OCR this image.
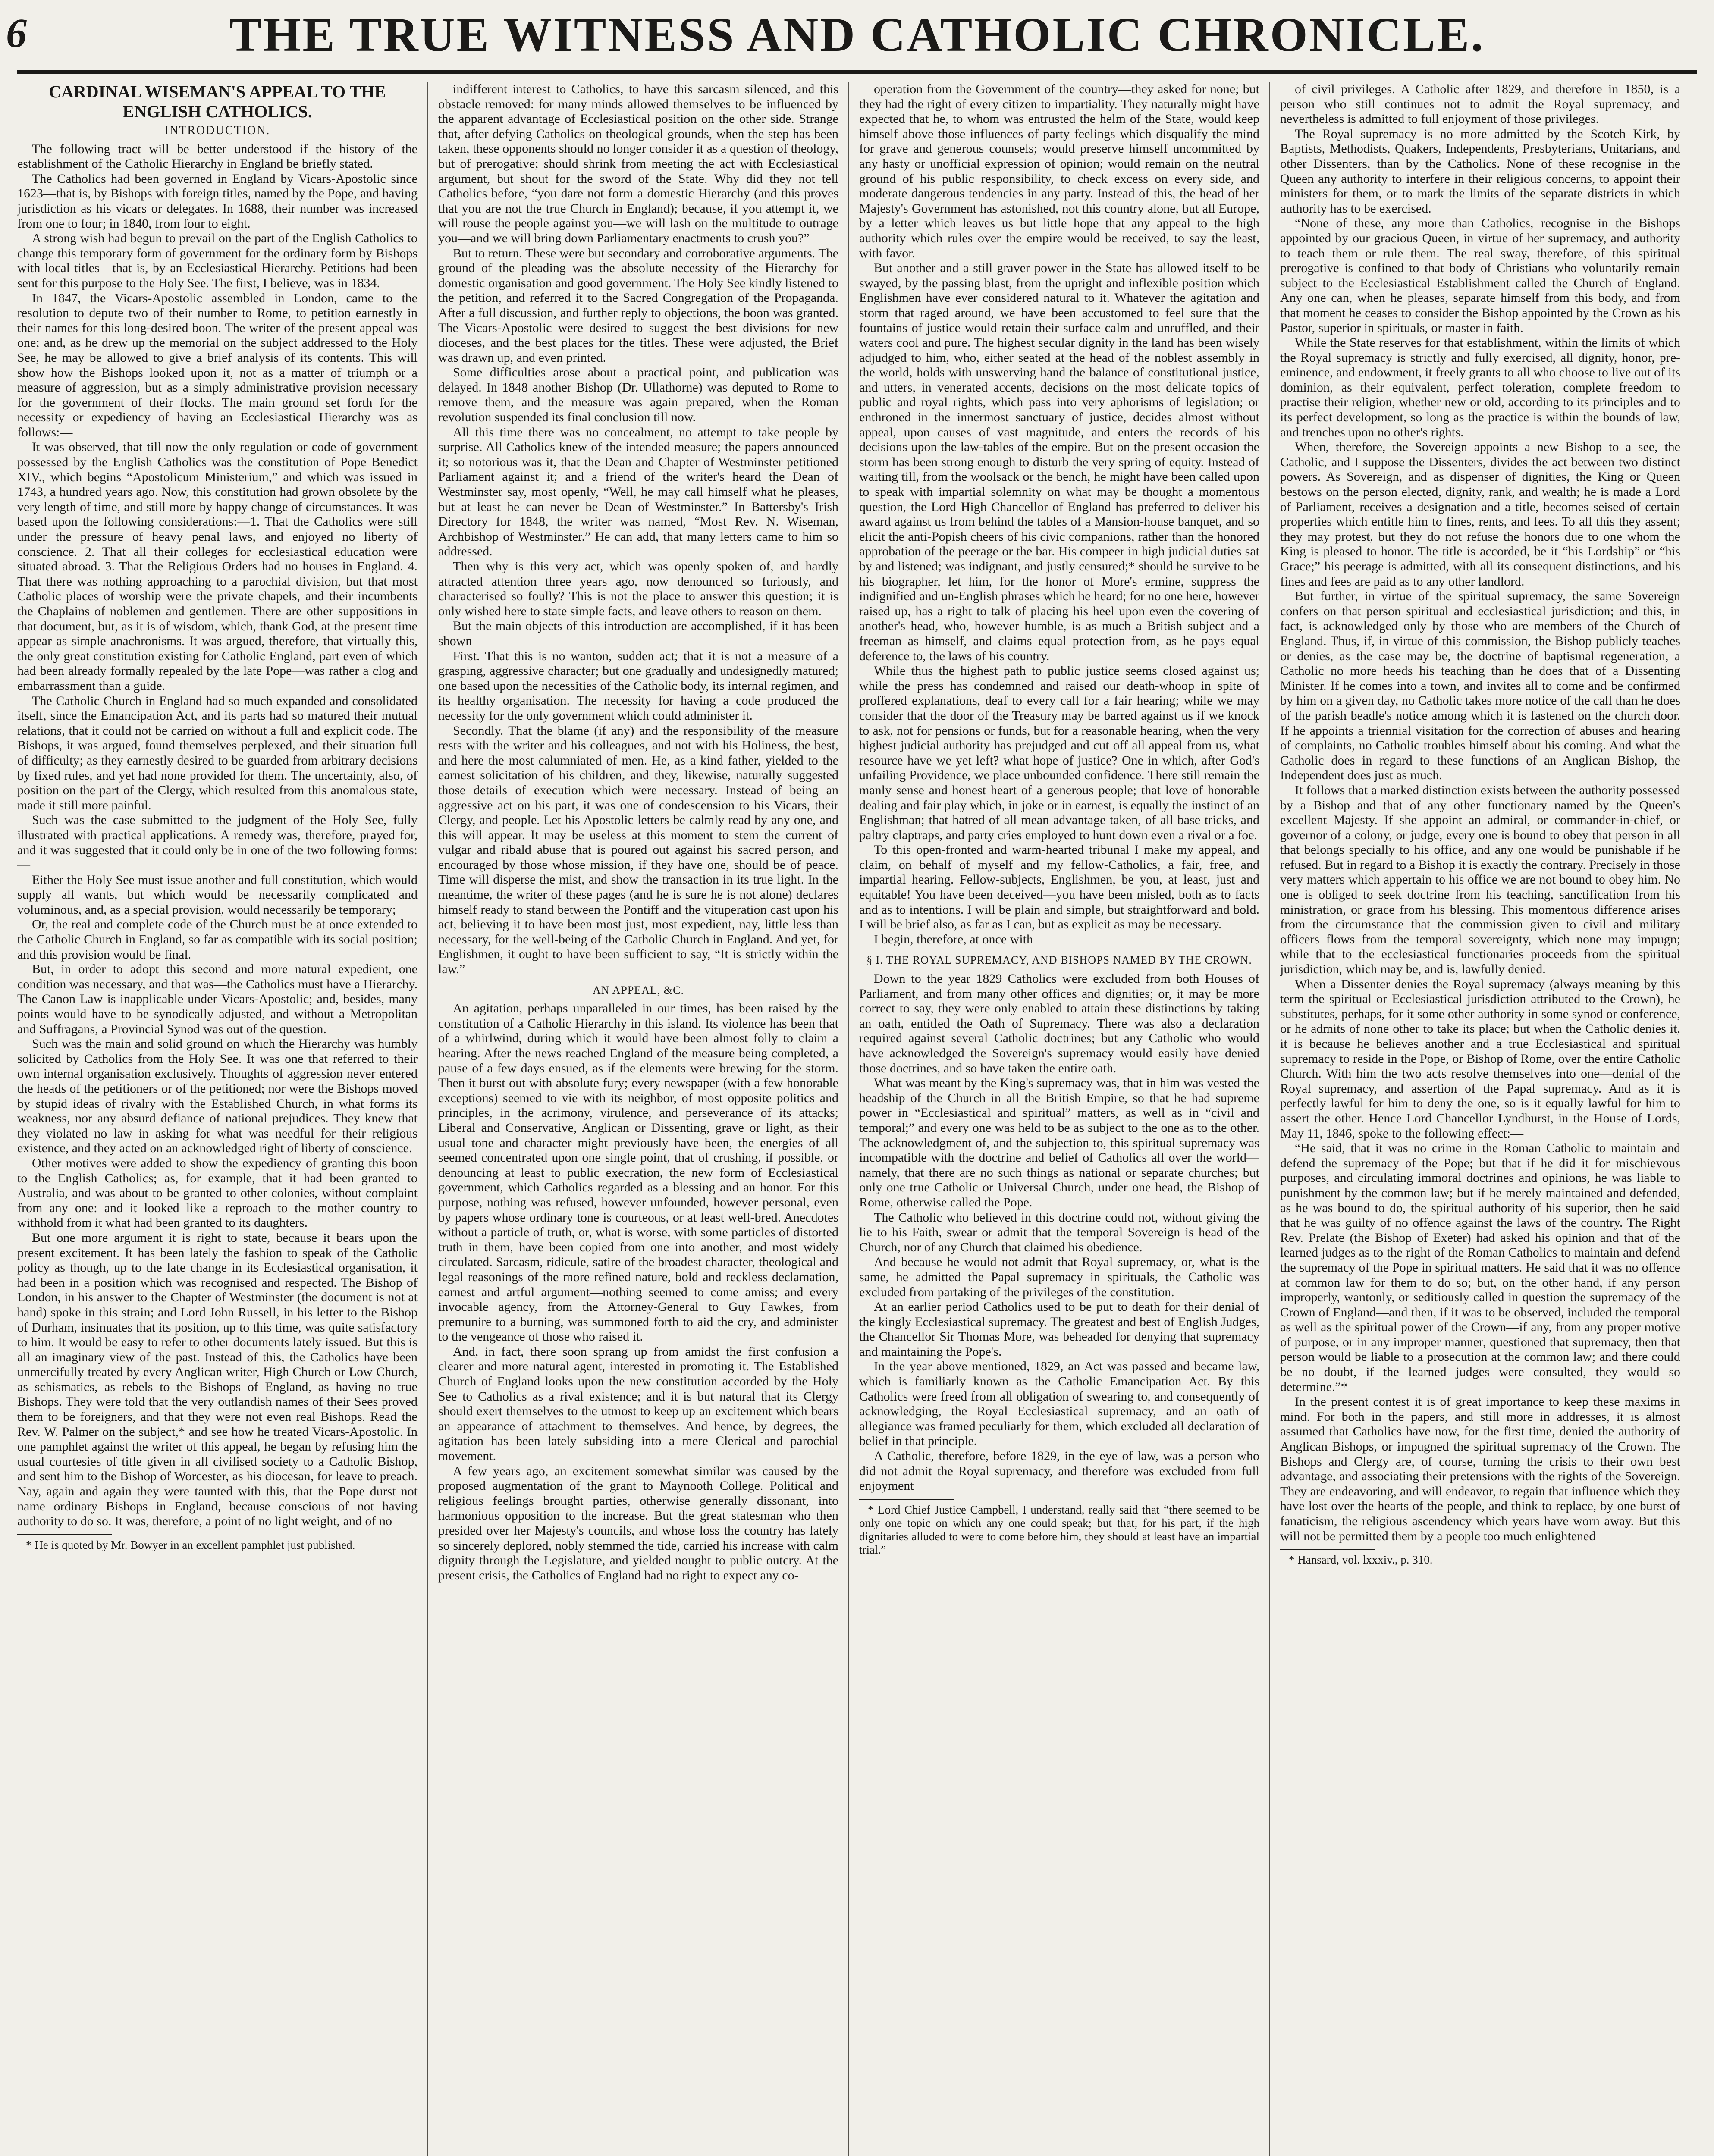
6	THE TRUE WITNESS AND CATHOLIC CHRONICLE.

CARDINAL WISEMAN'S APPEAL TO THE ENGLISH CATHOLICS.

INTRODUCTION.

The following tract will be better understood if the history of the establishment of the Catholic Hierarchy in England be briefly stated.

The Catholics had been governed in England by Vicars-Apostolic since 1623—that is, by Bishops with foreign titles, named by the Pope, and having jurisdiction as his vicars or delegates. In 1688, their number was increased from one to four; in 1840, from four to eight.

A strong wish had begun to prevail on the part of the English Catholics to change this temporary form of government for the ordinary form by Bishops with local titles—that is, by an Ecclesiastical Hierarchy. Petitions had been sent for this purpose to the Holy See. The first, I believe, was in 1834.

In 1847, the Vicars-Apostolic assembled in London, came to the resolution to depute two of their number to Rome, to petition earnestly in their names for this long-desired boon. The writer of the present appeal was one; and, as he drew up the memorial on the subject addressed to the Holy See, he may be allowed to give a brief analysis of its contents. This will show how the Bishops looked upon it, not as a matter of triumph or a measure of aggression, but as a simply administrative provision necessary for the government of their flocks. The main ground set forth for the necessity or expediency of having an Ecclesiastical Hierarchy was as follows:—

It was observed, that till now the only regulation or code of government possessed by the English Catholics was the constitution of Pope Benedict XIV., which begins “Apostolicum Ministerium,” and which was issued in 1743, a hundred years ago. Now, this constitution had grown obsolete by the very length of time, and still more by happy change of circumstances. It was based upon the following considerations:—1. That the Catholics were still under the pressure of heavy penal laws, and enjoyed no liberty of conscience. 2. That all their colleges for ecclesiastical education were situated abroad. 3. That the Religious Orders had no houses in England. 4. That there was nothing approaching to a parochial division, but that most Catholic places of worship were the private chapels, and their incumbents the Chaplains of noblemen and gentlemen. There are other suppositions in that document, but, as it is of wisdom, which, thank God, at the present time appear as simple anachronisms. It was argued, therefore, that virtually this, the only great constitution existing for Catholic England, part even of which had been already formally repealed by the late Pope—was rather a clog and embarrassment than a guide.

The Catholic Church in England had so much expanded and consolidated itself, since the Emancipation Act, and its parts had so matured their mutual relations, that it could not be carried on without a full and explicit code. The Bishops, it was argued, found themselves perplexed, and their situation full of difficulty; as they earnestly desired to be guarded from arbitrary decisions by fixed rules, and yet had none provided for them. The uncertainty, also, of position on the part of the Clergy, which resulted from this anomalous state, made it still more painful.

Such was the case submitted to the judgment of the Holy See, fully illustrated with practical applications. A remedy was, therefore, prayed for, and it was suggested that it could only be in one of the two following forms:—

Either the Holy See must issue another and full constitution, which would supply all wants, but which would be necessarily complicated and voluminous, and, as a special provision, would necessarily be temporary;

Or, the real and complete code of the Church must be at once extended to the Catholic Church in England, so far as compatible with its social position; and this provision would be final.

But, in order to adopt this second and more natural expedient, one condition was necessary, and that was—the Catholics must have a Hierarchy. The Canon Law is inapplicable under Vicars-Apostolic; and, besides, many points would have to be synodically adjusted, and without a Metropolitan and Suffragans, a Provincial Synod was out of the question.

Such was the main and solid ground on which the Hierarchy was humbly solicited by Catholics from the Holy See. It was one that referred to their own internal organisation exclusively. Thoughts of aggression never entered the heads of the petitioners or of the petitioned; nor were the Bishops moved by stupid ideas of rivalry with the Established Church, in what forms its weakness, nor any absurd defiance of national prejudices. They knew that they violated no law in asking for what was needful for their religious existence, and they acted on an acknowledged right of liberty of conscience.

Other motives were added to show the expediency of granting this boon to the English Catholics; as, for example, that it had been granted to Australia, and was about to be granted to other colonies, without complaint from any one: and it looked like a reproach to the mother country to withhold from it what had been granted to its daughters.

But one more argument it is right to state, because it bears upon the present excitement. It has been lately the fashion to speak of the Catholic policy as though, up to the late change in its Ecclesiastical organisation, it had been in a position which was recognised and respected. The Bishop of London, in his answer to the Chapter of Westminster (the document is not at hand) spoke in this strain; and Lord John Russell, in his letter to the Bishop of Durham, insinuates that its position, up to this time, was quite satisfactory to him. It would be easy to refer to other documents lately issued. But this is all an imaginary view of the past. Instead of this, the Catholics have been unmercifully treated by every Anglican writer, High Church or Low Church, as schismatics, as rebels to the Bishops of England, as having no true Bishops. They were told that the very outlandish names of their Sees proved them to be foreigners, and that they were not even real Bishops. Read the Rev. W. Palmer on the subject,* and see how he treated Vicars-Apostolic. In one pamphlet against the writer of this appeal, he began by refusing him the usual courtesies of title given in all civilised society to a Catholic Bishop, and sent him to the Bishop of Worcester, as his diocesan, for leave to preach. Nay, again and again they were taunted with this, that the Pope durst not name ordinary Bishops in England, because conscious of not having authority to do so. It was, therefore, a point of no light weight, and of no

* He is quoted by Mr. Bowyer in an excellent pamphlet just published.

indifferent interest to Catholics, to have this sarcasm silenced, and this obstacle removed: for many minds allowed themselves to be influenced by the apparent advantage of Ecclesiastical position on the other side. Strange that, after defying Catholics on theological grounds, when the step has been taken, these opponents should no longer consider it as a question of theology, but of prerogative; should shrink from meeting the act with Ecclesiastical argument, but shout for the sword of the State. Why did they not tell Catholics before, “you dare not form a domestic Hierarchy (and this proves that you are not the true Church in England); because, if you attempt it, we will rouse the people against you—we will lash on the multitude to outrage you—and we will bring down Parliamentary enactments to crush you?”

But to return. These were but secondary and corroborative arguments. The ground of the pleading was the absolute necessity of the Hierarchy for domestic organisation and good government. The Holy See kindly listened to the petition, and referred it to the Sacred Congregation of the Propaganda. After a full discussion, and further reply to objections, the boon was granted. The Vicars-Apostolic were desired to suggest the best divisions for new dioceses, and the best places for the titles. These were adjusted, the Brief was drawn up, and even printed.

Some difficulties arose about a practical point, and publication was delayed. In 1848 another Bishop (Dr. Ullathorne) was deputed to Rome to remove them, and the measure was again prepared, when the Roman revolution suspended its final conclusion till now.

All this time there was no concealment, no attempt to take people by surprise. All Catholics knew of the intended measure; the papers announced it; so notorious was it, that the Dean and Chapter of Westminster petitioned Parliament against it; and a friend of the writer's heard the Dean of Westminster say, most openly, “Well, he may call himself what he pleases, but at least he can never be Dean of Westminster.” In Battersby's Irish Directory for 1848, the writer was named, “Most Rev. N. Wiseman, Archbishop of Westminster.” He can add, that many letters came to him so addressed.

Then why is this very act, which was openly spoken of, and hardly attracted attention three years ago, now denounced so furiously, and characterised so foully? This is not the place to answer this question; it is only wished here to state simple facts, and leave others to reason on them.

But the main objects of this introduction are accomplished, if it has been shown—

First. That this is no wanton, sudden act; that it is not a measure of a grasping, aggressive character; but one gradually and undesignedly matured; one based upon the necessities of the Catholic body, its internal regimen, and its healthy organisation. The necessity for having a code produced the necessity for the only government which could administer it.

Secondly. That the blame (if any) and the responsibility of the measure rests with the writer and his colleagues, and not with his Holiness, the best, and here the most calumniated of men. He, as a kind father, yielded to the earnest solicitation of his children, and they, likewise, naturally suggested those details of execution which were necessary. Instead of being an aggressive act on his part, it was one of condescension to his Vicars, their Clergy, and people. Let his Apostolic letters be calmly read by any one, and this will appear. It may be useless at this moment to stem the current of vulgar and ribald abuse that is poured out against his sacred person, and encouraged by those whose mission, if they have one, should be of peace. Time will disperse the mist, and show the transaction in its true light. In the meantime, the writer of these pages (and he is sure he is not alone) declares himself ready to stand between the Pontiff and the vituperation cast upon his act, believing it to have been most just, most expedient, nay, little less than necessary, for the well-being of the Catholic Church in England. And yet, for Englishmen, it ought to have been sufficient to say, “It is strictly within the law.”

AN APPEAL, &C.

An agitation, perhaps unparalleled in our times, has been raised by the constitution of a Catholic Hierarchy in this island. Its violence has been that of a whirlwind, during which it would have been almost folly to claim a hearing. After the news reached England of the measure being completed, a pause of a few days ensued, as if the elements were brewing for the storm. Then it burst out with absolute fury; every newspaper (with a few honorable exceptions) seemed to vie with its neighbor, of most opposite politics and principles, in the acrimony, virulence, and perseverance of its attacks; Liberal and Conservative, Anglican or Dissenting, grave or light, as their usual tone and character might previously have been, the energies of all seemed concentrated upon one single point, that of crushing, if possible, or denouncing at least to public execration, the new form of Ecclesiastical government, which Catholics regarded as a blessing and an honor. For this purpose, nothing was refused, however unfounded, however personal, even by papers whose ordinary tone is courteous, or at least well-bred. Anecdotes without a particle of truth, or, what is worse, with some particles of distorted truth in them, have been copied from one into another, and most widely circulated. Sarcasm, ridicule, satire of the broadest character, theological and legal reasonings of the more refined nature, bold and reckless declamation, earnest and artful argument—nothing seemed to come amiss; and every invocable agency, from the Attorney-General to Guy Fawkes, from premunire to a burning, was summoned forth to aid the cry, and administer to the vengeance of those who raised it.

And, in fact, there soon sprang up from amidst the first confusion a clearer and more natural agent, interested in promoting it. The Established Church of England looks upon the new constitution accorded by the Holy See to Catholics as a rival existence; and it is but natural that its Clergy should exert themselves to the utmost to keep up an excitement which bears an appearance of attachment to themselves. And hence, by degrees, the agitation has been lately subsiding into a mere Clerical and parochial movement.

A few years ago, an excitement somewhat similar was caused by the proposed augmentation of the grant to Maynooth College. Political and religious feelings brought parties, otherwise generally dissonant, into harmonious opposition to the increase. But the great statesman who then presided over her Majesty's councils, and whose loss the country has lately so sincerely deplored, nobly stemmed the tide, carried his increase with calm dignity through the Legislature, and yielded nought to public outcry. At the present crisis, the Catholics of England had no right to expect any co-

operation from the Government of the country—they asked for none; but they had the right of every citizen to impartiality. They naturally might have expected that he, to whom was entrusted the helm of the State, would keep himself above those influences of party feelings which disqualify the mind for grave and generous counsels; would preserve himself uncommitted by any hasty or unofficial expression of opinion; would remain on the neutral ground of his public responsibility, to check excess on every side, and moderate dangerous tendencies in any party. Instead of this, the head of her Majesty's Government has astonished, not this country alone, but all Europe, by a letter which leaves us but little hope that any appeal to the high authority which rules over the empire would be received, to say the least, with favor.

But another and a still graver power in the State has allowed itself to be swayed, by the passing blast, from the upright and inflexible position which Englishmen have ever considered natural to it. Whatever the agitation and storm that raged around, we have been accustomed to feel sure that the fountains of justice would retain their surface calm and unruffled, and their waters cool and pure. The highest secular dignity in the land has been wisely adjudged to him, who, either seated at the head of the noblest assembly in the world, holds with unswerving hand the balance of constitutional justice, and utters, in venerated accents, decisions on the most delicate topics of public and royal rights, which pass into very aphorisms of legislation; or enthroned in the innermost sanctuary of justice, decides almost without appeal, upon causes of vast magnitude, and enters the records of his decisions upon the law-tables of the empire. But on the present occasion the storm has been strong enough to disturb the very spring of equity. Instead of waiting till, from the woolsack or the bench, he might have been called upon to speak with impartial solemnity on what may be thought a momentous question, the Lord High Chancellor of England has preferred to deliver his award against us from behind the tables of a Mansion-house banquet, and so elicit the anti-Popish cheers of his civic companions, rather than the honored approbation of the peerage or the bar. His compeer in high judicial duties sat by and listened; was indignant, and justly censured;* should he survive to be his biographer, let him, for the honor of More's ermine, suppress the indignified and un-English phrases which he heard; for no one here, however raised up, has a right to talk of placing his heel upon even the covering of another's head, who, however humble, is as much a British subject and a freeman as himself, and claims equal protection from, as he pays equal deference to, the laws of his country.

While thus the highest path to public justice seems closed against us; while the press has condemned and raised our death-whoop in spite of proffered explanations, deaf to every call for a fair hearing; while we may consider that the door of the Treasury may be barred against us if we knock to ask, not for pensions or funds, but for a reasonable hearing, when the very highest judicial authority has prejudged and cut off all appeal from us, what resource have we yet left? what hope of justice? One in which, after God's unfailing Providence, we place unbounded confidence. There still remain the manly sense and honest heart of a generous people; that love of honorable dealing and fair play which, in joke or in earnest, is equally the instinct of an Englishman; that hatred of all mean advantage taken, of all base tricks, and paltry claptraps, and party cries employed to hunt down even a rival or a foe.

To this open-fronted and warm-hearted tribunal I make my appeal, and claim, on behalf of myself and my fellow-Catholics, a fair, free, and impartial hearing. Fellow-subjects, Englishmen, be you, at least, just and equitable! You have been deceived—you have been misled, both as to facts and as to intentions. I will be plain and simple, but straightforward and bold. I will be brief also, as far as I can, but as explicit as may be necessary.

I begin, therefore, at once with

§ I. THE ROYAL SUPREMACY, AND BISHOPS NAMED BY THE CROWN.

Down to the year 1829 Catholics were excluded from both Houses of Parliament, and from many other offices and dignities; or, it may be more correct to say, they were only enabled to attain these distinctions by taking an oath, entitled the Oath of Supremacy. There was also a declaration required against several Catholic doctrines; but any Catholic who would have acknowledged the Sovereign's supremacy would easily have denied those doctrines, and so have taken the entire oath.

What was meant by the King's supremacy was, that in him was vested the headship of the Church in all the British Empire, so that he had supreme power in “Ecclesiastical and spiritual” matters, as well as in “civil and temporal;” and every one was held to be as subject to the one as to the other. The acknowledgment of, and the subjection to, this spiritual supremacy was incompatible with the doctrine and belief of Catholics all over the world—namely, that there are no such things as national or separate churches; but only one true Catholic or Universal Church, under one head, the Bishop of Rome, otherwise called the Pope.

The Catholic who believed in this doctrine could not, without giving the lie to his Faith, swear or admit that the temporal Sovereign is head of the Church, nor of any Church that claimed his obedience.

And because he would not admit that Royal supremacy, or, what is the same, he admitted the Papal supremacy in spirituals, the Catholic was excluded from partaking of the privileges of the constitution.

At an earlier period Catholics used to be put to death for their denial of the kingly Ecclesiastical supremacy. The greatest and best of English Judges, the Chancellor Sir Thomas More, was beheaded for denying that supremacy and maintaining the Pope's.

In the year above mentioned, 1829, an Act was passed and became law, which is familiarly known as the Catholic Emancipation Act. By this Catholics were freed from all obligation of swearing to, and consequently of acknowledging, the Royal Ecclesiastical supremacy, and an oath of allegiance was framed peculiarly for them, which excluded all declaration of belief in that principle.

A Catholic, therefore, before 1829, in the eye of law, was a person who did not admit the Royal supremacy, and therefore was excluded from full enjoyment

* Lord Chief Justice Campbell, I understand, really said that “there seemed to be only one topic on which any one could speak; but that, for his part, if the high dignitaries alluded to were to come before him, they should at least have an impartial trial.”

of civil privileges. A Catholic after 1829, and therefore in 1850, is a person who still continues not to admit the Royal supremacy, and nevertheless is admitted to full enjoyment of those privileges.

The Royal supremacy is no more admitted by the Scotch Kirk, by Baptists, Methodists, Quakers, Independents, Presbyterians, Unitarians, and other Dissenters, than by the Catholics. None of these recognise in the Queen any authority to interfere in their religious concerns, to appoint their ministers for them, or to mark the limits of the separate districts in which authority has to be exercised.

“None of these, any more than Catholics, recognise in the Bishops appointed by our gracious Queen, in virtue of her supremacy, and authority to teach them or rule them. The real sway, therefore, of this spiritual prerogative is confined to that body of Christians who voluntarily remain subject to the Ecclesiastical Establishment called the Church of England. Any one can, when he pleases, separate himself from this body, and from that moment he ceases to consider the Bishop appointed by the Crown as his Pastor, superior in spirituals, or master in faith.

While the State reserves for that establishment, within the limits of which the Royal supremacy is strictly and fully exercised, all dignity, honor, pre-eminence, and endowment, it freely grants to all who choose to live out of its dominion, as their equivalent, perfect toleration, complete freedom to practise their religion, whether new or old, according to its principles and to its perfect development, so long as the practice is within the bounds of law, and trenches upon no other's rights.

When, therefore, the Sovereign appoints a new Bishop to a see, the Catholic, and I suppose the Dissenters, divides the act between two distinct powers. As Sovereign, and as dispenser of dignities, the King or Queen bestows on the person elected, dignity, rank, and wealth; he is made a Lord of Parliament, receives a designation and a title, becomes seised of certain properties which entitle him to fines, rents, and fees. To all this they assent; they may protest, but they do not refuse the honors due to one whom the King is pleased to honor. The title is accorded, be it “his Lordship” or “his Grace;” his peerage is admitted, with all its consequent distinctions, and his fines and fees are paid as to any other landlord.

But further, in virtue of the spiritual supremacy, the same Sovereign confers on that person spiritual and ecclesiastical jurisdiction; and this, in fact, is acknowledged only by those who are members of the Church of England. Thus, if, in virtue of this commission, the Bishop publicly teaches or denies, as the case may be, the doctrine of baptismal regeneration, a Catholic no more heeds his teaching than he does that of a Dissenting Minister. If he comes into a town, and invites all to come and be confirmed by him on a given day, no Catholic takes more notice of the call than he does of the parish beadle's notice among which it is fastened on the church door. If he appoints a triennial visitation for the correction of abuses and hearing of complaints, no Catholic troubles himself about his coming. And what the Catholic does in regard to these functions of an Anglican Bishop, the Independent does just as much.

It follows that a marked distinction exists between the authority possessed by a Bishop and that of any other functionary named by the Queen's excellent Majesty. If she appoint an admiral, or commander-in-chief, or governor of a colony, or judge, every one is bound to obey that person in all that belongs specially to his office, and any one would be punishable if he refused. But in regard to a Bishop it is exactly the contrary. Precisely in those very matters which appertain to his office we are not bound to obey him. No one is obliged to seek doctrine from his teaching, sanctification from his ministration, or grace from his blessing. This momentous difference arises from the circumstance that the commission given to civil and military officers flows from the temporal sovereignty, which none may impugn; while that to the ecclesiastical functionaries proceeds from the spiritual jurisdiction, which may be, and is, lawfully denied.

When a Dissenter denies the Royal supremacy (always meaning by this term the spiritual or Ecclesiastical jurisdiction attributed to the Crown), he substitutes, perhaps, for it some other authority in some synod or conference, or he admits of none other to take its place; but when the Catholic denies it, it is because he believes another and a true Ecclesiastical and spiritual supremacy to reside in the Pope, or Bishop of Rome, over the entire Catholic Church. With him the two acts resolve themselves into one—denial of the Royal supremacy, and assertion of the Papal supremacy. And as it is perfectly lawful for him to deny the one, so is it equally lawful for him to assert the other. Hence Lord Chancellor Lyndhurst, in the House of Lords, May 11, 1846, spoke to the following effect:—

“He said, that it was no crime in the Roman Catholic to maintain and defend the supremacy of the Pope; but that if he did it for mischievous purposes, and circulating immoral doctrines and opinions, he was liable to punishment by the common law; but if he merely maintained and defended, as he was bound to do, the spiritual authority of his superior, then he said that he was guilty of no offence against the laws of the country. The Right Rev. Prelate (the Bishop of Exeter) had asked his opinion and that of the learned judges as to the right of the Roman Catholics to maintain and defend the supremacy of the Pope in spiritual matters. He said that it was no offence at common law for them to do so; but, on the other hand, if any person improperly, wantonly, or seditiously called in question the supremacy of the Crown of England—and then, if it was to be observed, included the temporal as well as the spiritual power of the Crown—if any, from any proper motive of purpose, or in any improper manner, questioned that supremacy, then that person would be liable to a prosecution at the common law; and there could be no doubt, if the learned judges were consulted, they would so determine.”*

In the present contest it is of great importance to keep these maxims in mind. For both in the papers, and still more in addresses, it is almost assumed that Catholics have now, for the first time, denied the authority of Anglican Bishops, or impugned the spiritual supremacy of the Crown. The Bishops and Clergy are, of course, turning the crisis to their own best advantage, and associating their pretensions with the rights of the Sovereign. They are endeavoring, and will endeavor, to regain that influence which they have lost over the hearts of the people, and think to replace, by one burst of fanaticism, the religious ascendency which years have worn away. But this will not be permitted them by a people too much enlightened

* Hansard, vol. lxxxiv., p. 310.
